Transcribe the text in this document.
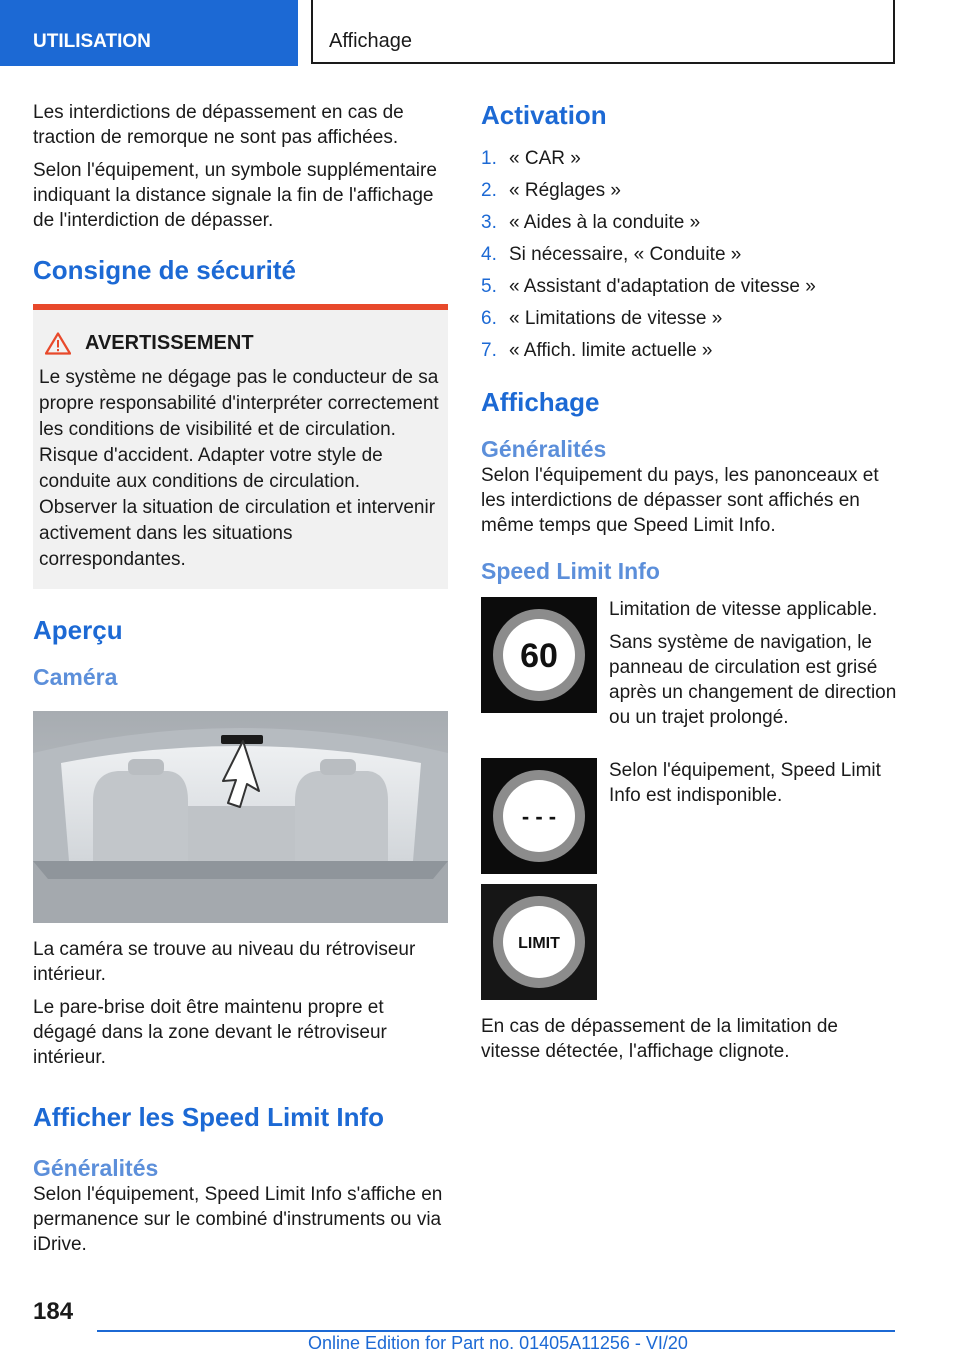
UTILISATION	Affichage

Les interdictions de dépassement en cas de traction de remorque ne sont pas affichées.

Selon l'équipement, un symbole supplémentaire indiquant la distance signale la fin de l'affichage de l'interdiction de dépasser.

Consigne de sécurité
AVERTISSEMENT

Le système ne dégage pas le conducteur de sa propre responsabilité d'interpréter correctement les conditions de visibilité et de circulation. Risque d'accident. Adapter votre style de conduite aux conditions de circulation. Observer la situation de circulation et intervenir activement dans les situations correspondantes.

Aperçu
Caméra

La caméra se trouve au niveau du rétroviseur intérieur.

Le pare-brise doit être maintenu propre et dégagé dans la zone devant le rétroviseur intérieur.

Afficher les Speed Limit Info
Généralités

Selon l'équipement, Speed Limit Info s'affiche en permanence sur le combiné d'instruments ou via iDrive.

Activation
1. « CAR »
2. « Réglages »
3. « Aides à la conduite »
4. Si nécessaire, « Conduite »
5. « Assistant d'adaptation de vitesse »
6. « Limitations de vitesse »
7. « Affich. limite actuelle »
Affichage
Généralités

Selon l'équipement du pays, les panonceaux et les interdictions de dépasser sont affichés en même temps que Speed Limit Info.

Speed Limit Info
60

Limitation de vitesse applicable.

Sans système de navigation, le panneau de circulation est grisé après un changement de direction ou un trajet prolongé.

- - -

Selon l'équipement, Speed Limit Info est indisponible.

LIMIT

En cas de dépassement de la limitation de vitesse détectée, l'affichage clignote.

184
Online Edition for Part no. 01405A11256 - VI/20
